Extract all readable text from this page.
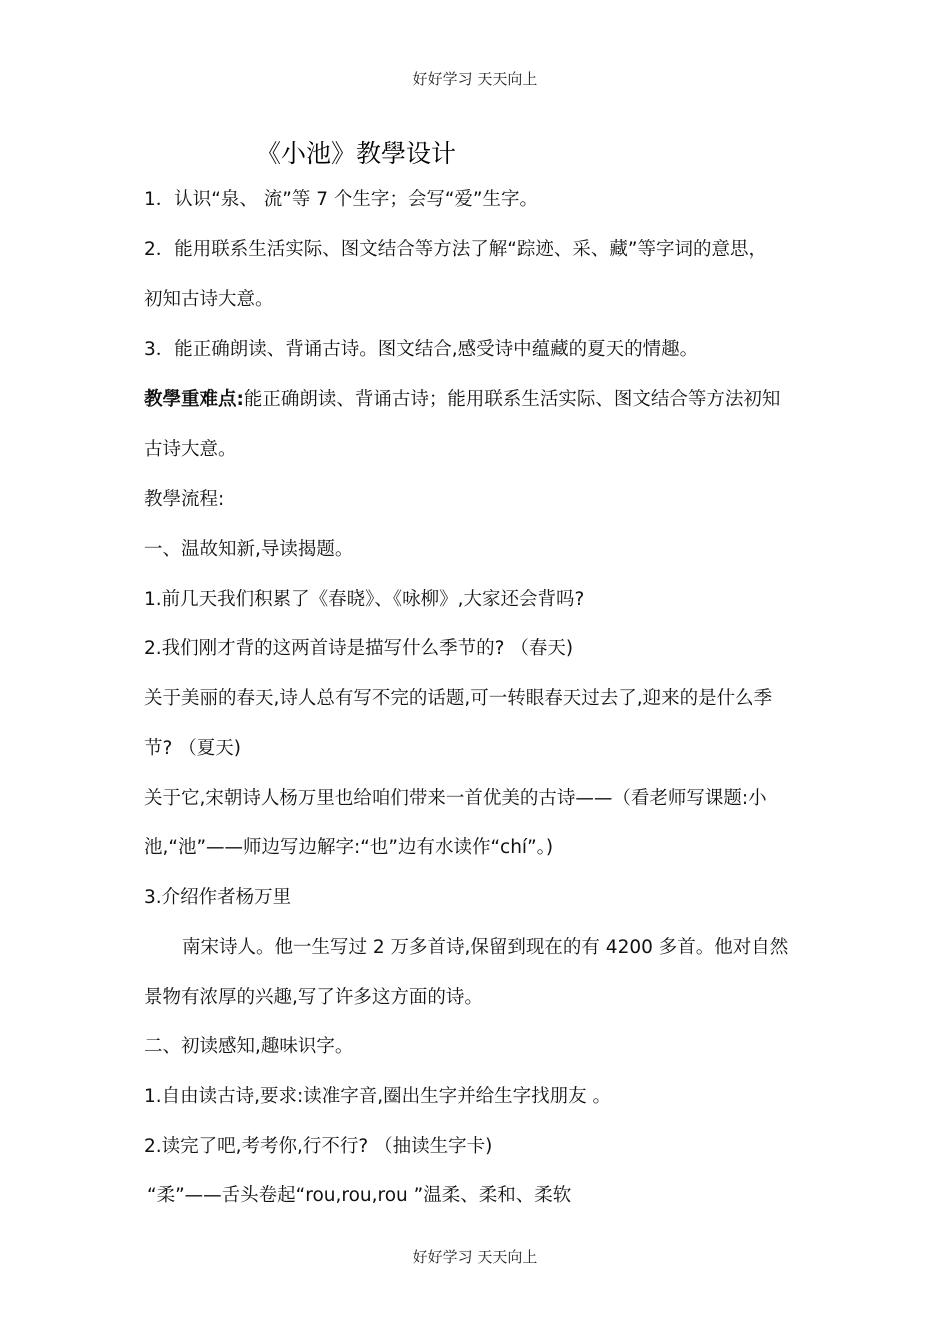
好好学习 天天向上
《小池》教學设计
1．认识“泉、 流”等 7 个生字；会写“爱”生字。
2．能用联系生活实际、图文结合等方法了解“踪迹、采、藏”等字词的意思，
初知古诗大意。
3．能正确朗读、背诵古诗。图文结合,感受诗中蕴藏的夏天的情趣。
教學重难点:能正确朗读、背诵古诗；能用联系生活实际、图文结合等方法初知
古诗大意。
教學流程:
一、温故知新,导读揭题。
1.前几天我们积累了《春晓》、《咏柳》,大家还会背吗?
2.我们刚才背的这两首诗是描写什么季节的? （春天)
关于美丽的春天,诗人总有写不完的话题,可一转眼春天过去了,迎来的是什么季
节? （夏天)
关于它,宋朝诗人杨万里也给咱们带来一首优美的古诗——（看老师写课题:小
池,“池”——师边写边解字:“也”边有水读作“chí”。)
3.介绍作者杨万里
南宋诗人。他一生写过 2 万多首诗,保留到现在的有 4200 多首。他对自然
景物有浓厚的兴趣,写了许多这方面的诗。
二、初读感知,趣味识字。
1.自由读古诗,要求:读准字音,圈出生字并给生字找朋友 。
2.读完了吧,考考你,行不行? （抽读生字卡)
“柔”——舌头卷起“rou,rou,rou ”温柔、柔和、柔软
好好学习 天天向上
